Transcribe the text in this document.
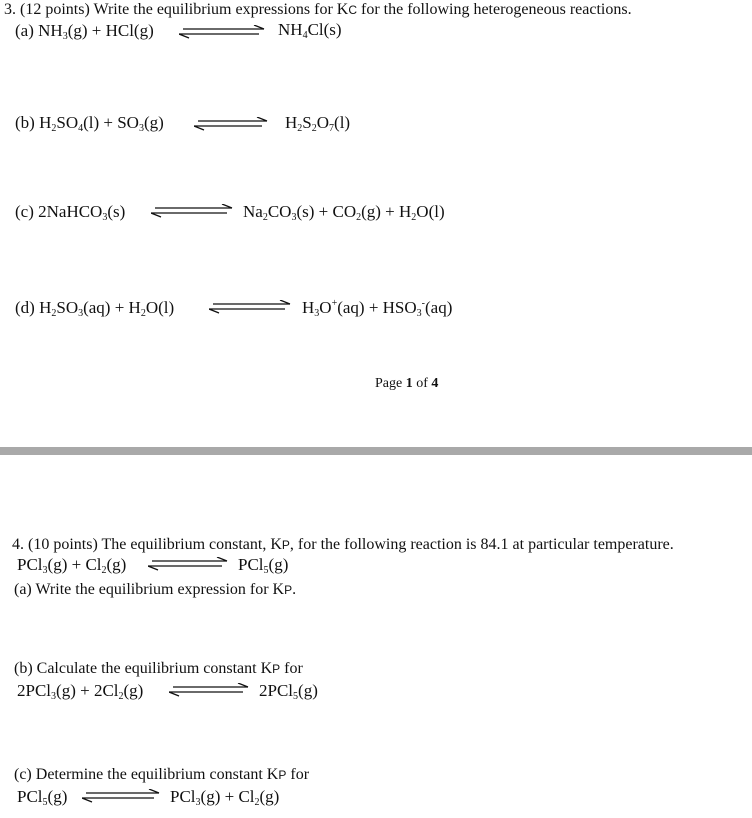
3. (12 points) Write the equilibrium expressions for KC for the following heterogeneous reactions.
(a) $NH_3(g) + HCl(g)$	$NH_4Cl(s)$
(b) $H_2SO_4(l) + SO_3(g)$	$H_2S_2O_7(l)$
(c) 2NaHCO$_3$(s)	$Na_2CO_3(s) + CO_2(g) + H_2O(l)$
(d) $H_2SO_3(aq) + H_2O(l)$	$H_3O^+(aq) + HSO_3^-(aq)$
Page 1 of 4
4. (10 points) The equilibrium constant, KP, for the following reaction is 84.1 at particular temperature.
$PCl_3(g) + Cl_2(g)$	PCl$_5$(g)
(a) Write the equilibrium expression for KP.
(b) Calculate the equilibrium constant KP for
$2PCl_3(g) + 2Cl_2(g)$	2PCl$_5$(g)
(c) Determine the equilibrium constant KP for
PCl$_5$(g)	$PCl_3(g) + Cl_2(g)$
